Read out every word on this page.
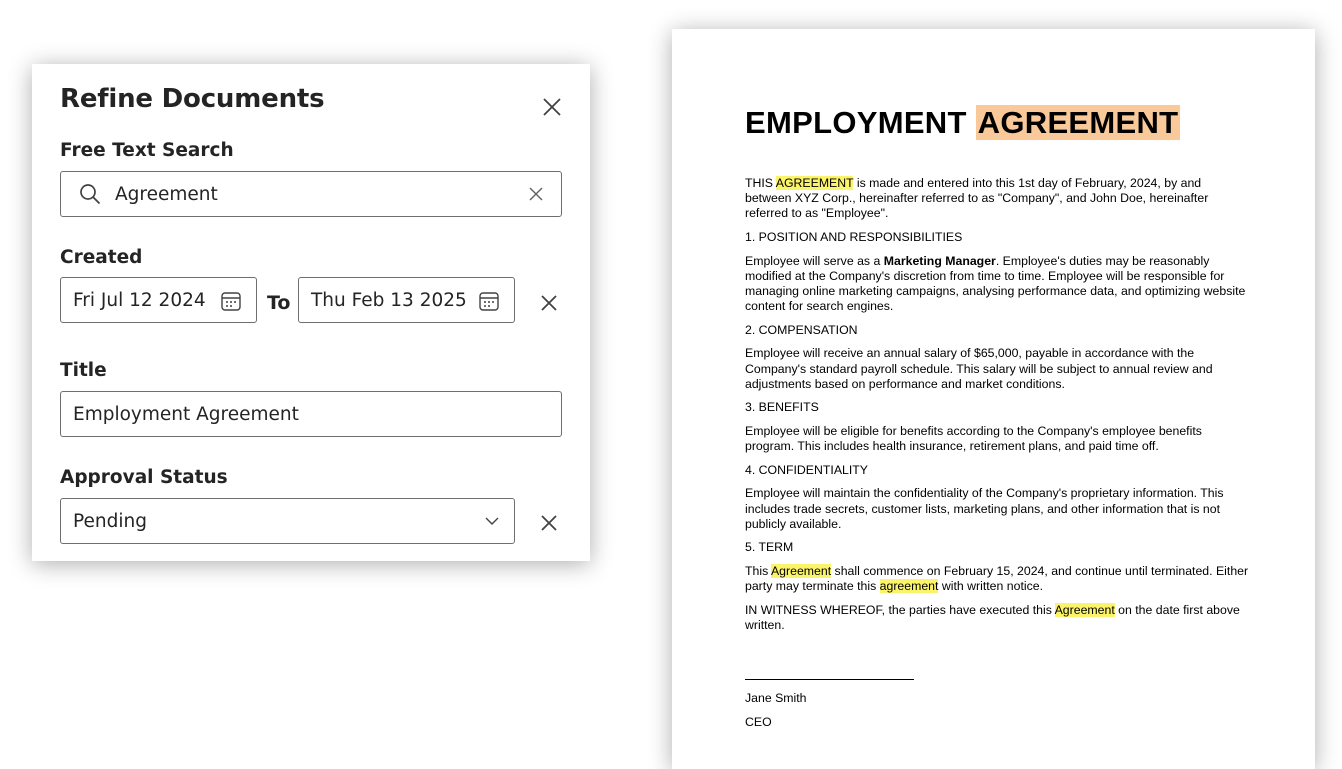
Refine Documents
Free Text Search
Agreement
Created
Fri Jul 12 2024	To Thu Feb 13 2025
Title
Employment Agreement
Approval Status
Pending
EMPLOYMENT AGREEMENT

THIS AGREEMENT is made and entered into this 1st day of February, 2024, by and between XYZ Corp., hereinafter referred to as "Company", and John Doe, hereinafter referred to as "Employee".

1. POSITION AND RESPONSIBILITIES

Employee will serve as a Marketing Manager. Employee's duties may be reasonably modified at the Company's discretion from time to time. Employee will be responsible for managing online marketing campaigns, analysing performance data, and optimizing website content for search engines.

2. COMPENSATION

Employee will receive an annual salary of $65,000, payable in accordance with the Company's standard payroll schedule. This salary will be subject to annual review and adjustments based on performance and market conditions.

3. BENEFITS

Employee will be eligible for benefits according to the Company's employee benefits program. This includes health insurance, retirement plans, and paid time off.

4. CONFIDENTIALITY

Employee will maintain the confidentiality of the Company's proprietary information. This includes trade secrets, customer lists, marketing plans, and other information that is not publicly available.

5. TERM

This Agreement shall commence on February 15, 2024, and continue until terminated. Either party may terminate this agreement with written notice.

IN WITNESS WHEREOF, the parties have executed this Agreement on the date first above written.

Jane Smith
CEO
